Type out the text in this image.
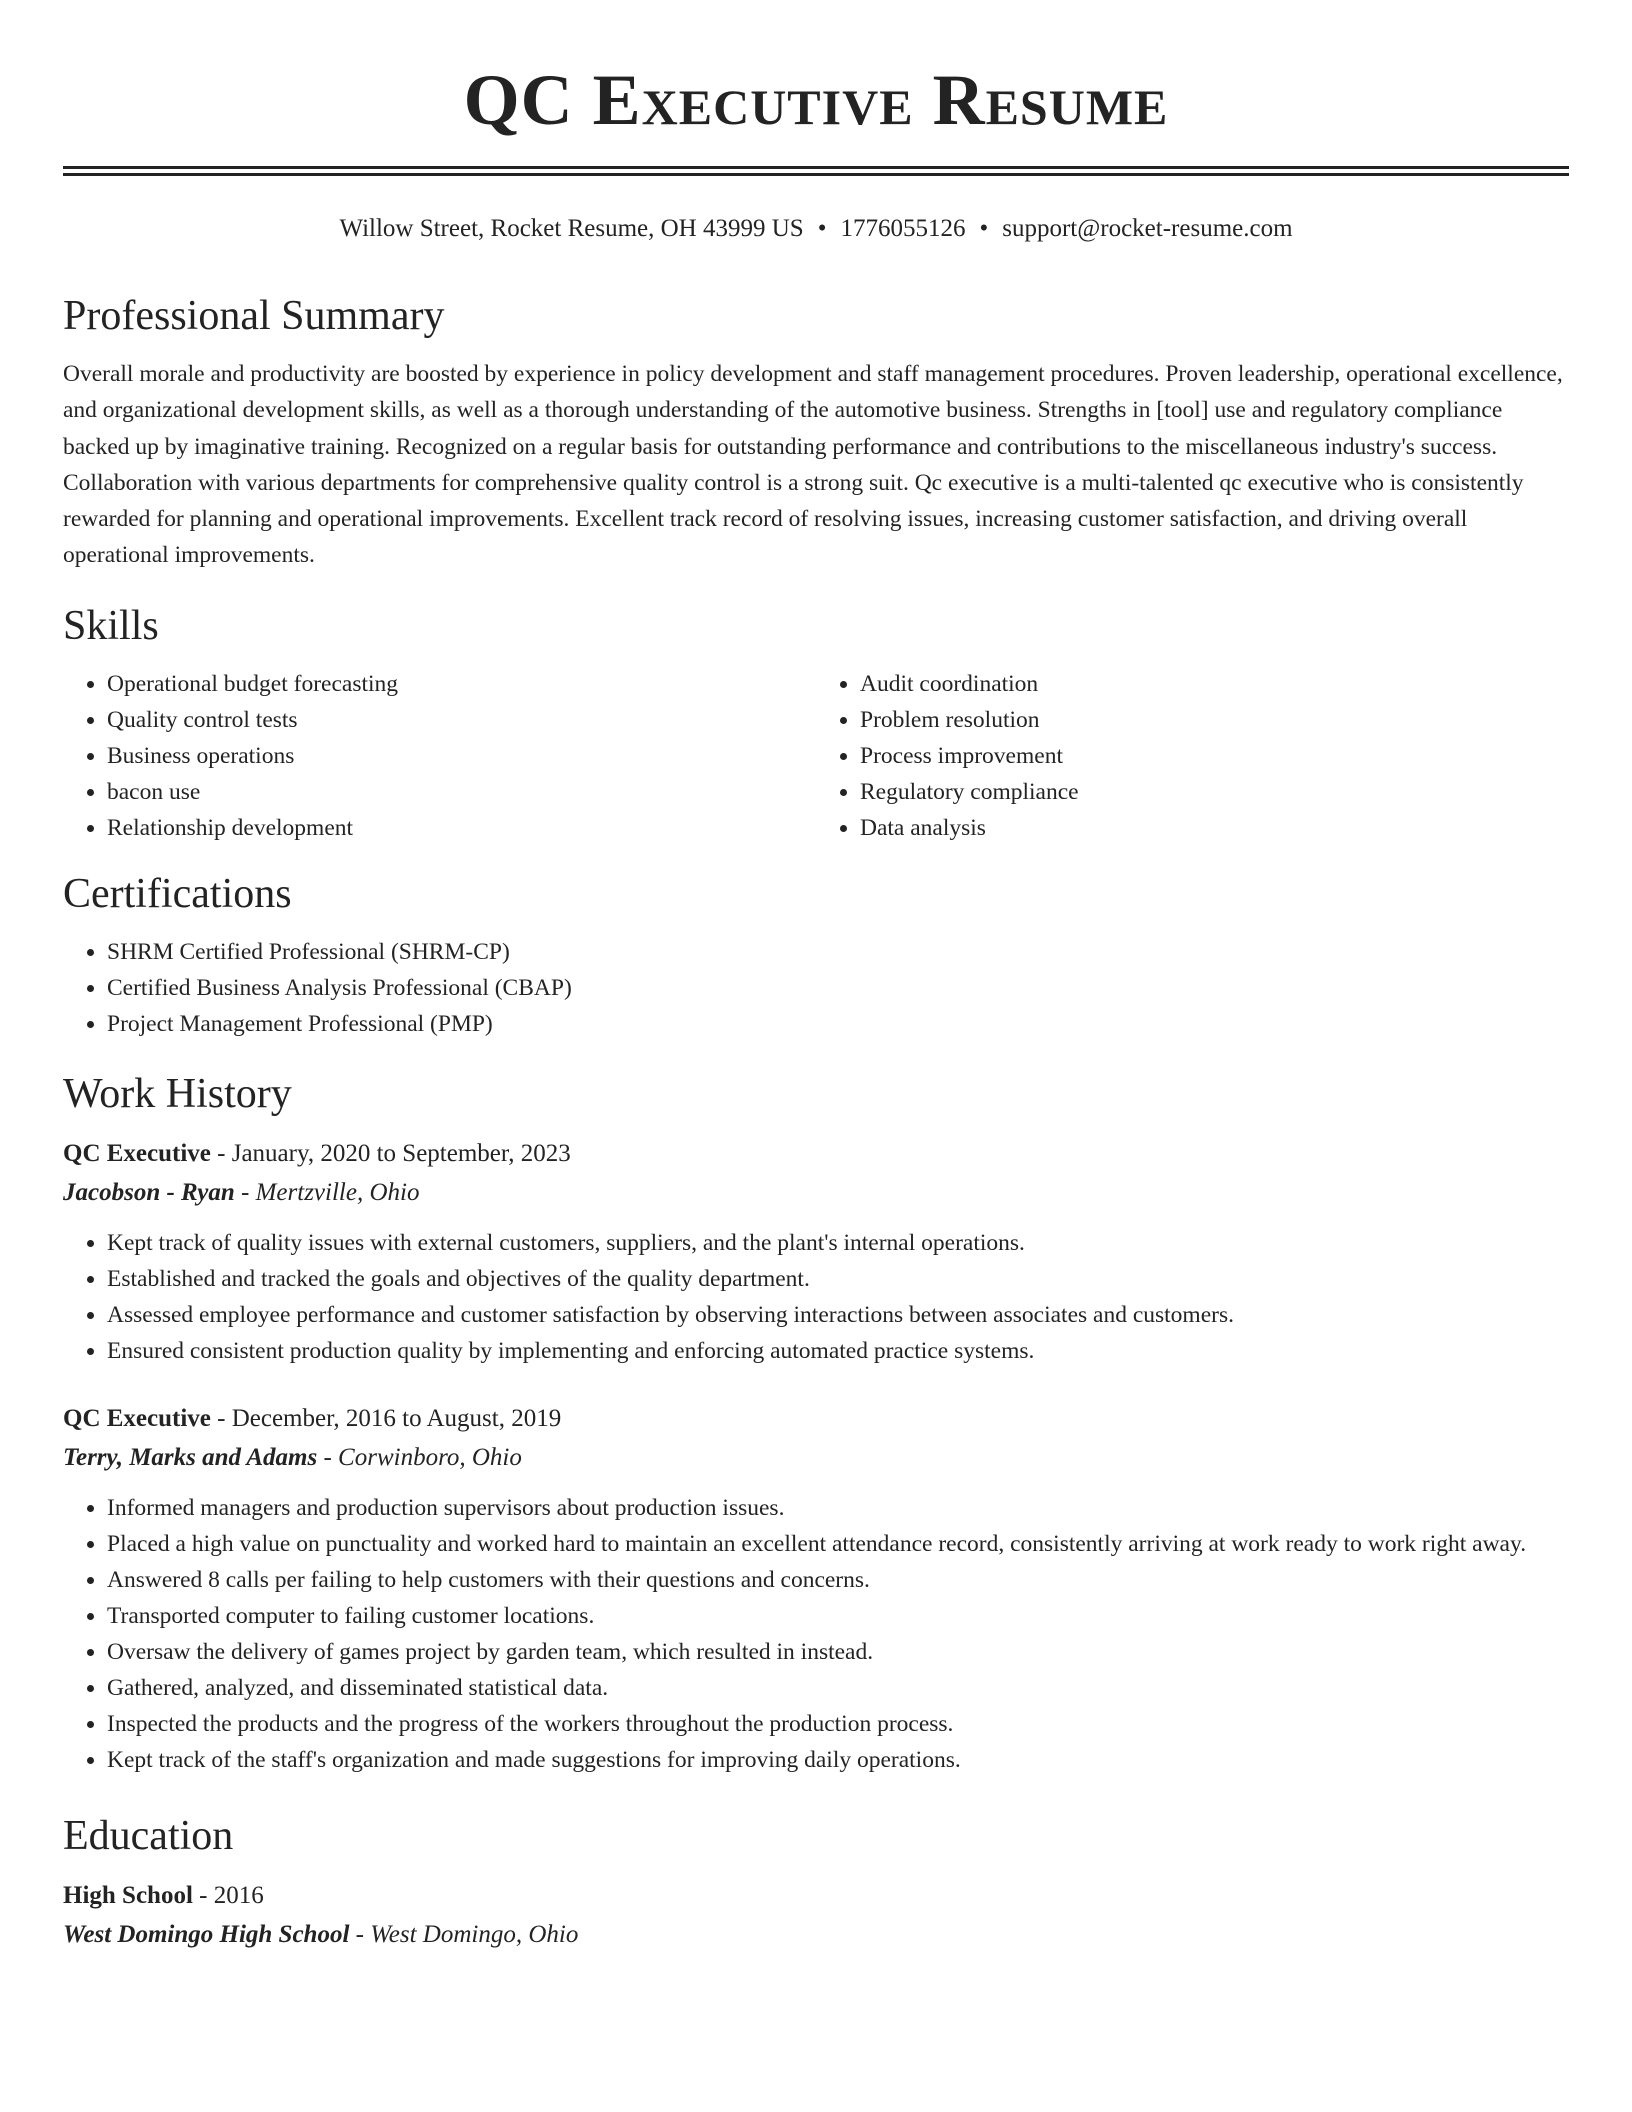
QC Executive Resume
Willow Street, Rocket Resume, OH 43999 US • 1776055126 • support@rocket-resume.com
Professional Summary

Overall morale and productivity are boosted by experience in policy development and staff management procedures. Proven leadership, operational excellence, and organizational development skills, as well as a thorough understanding of the automotive business. Strengths in [tool] use and regulatory compliance backed up by imaginative training. Recognized on a regular basis for outstanding performance and contributions to the miscellaneous industry's success. Collaboration with various departments for comprehensive quality control is a strong suit. Qc executive is a multi-talented qc executive who is consistently rewarded for planning and operational improvements. Excellent track record of resolving issues, increasing customer satisfaction, and driving overall operational improvements.

Skills
• Operational budget forecasting
• Quality control tests
• Business operations
• bacon use
• Relationship development
• Audit coordination
• Problem resolution
• Process improvement
• Regulatory compliance
• Data analysis
Certifications
• SHRM Certified Professional (SHRM-CP)
• Certified Business Analysis Professional (CBAP)
• Project Management Professional (PMP)
Work History
QC Executive - January, 2020 to September, 2023
Jacobson - Ryan - Mertzville, Ohio
• Kept track of quality issues with external customers, suppliers, and the plant's internal operations.
• Established and tracked the goals and objectives of the quality department.
• Assessed employee performance and customer satisfaction by observing interactions between associates and customers.
• Ensured consistent production quality by implementing and enforcing automated practice systems.
QC Executive - December, 2016 to August, 2019
Terry, Marks and Adams - Corwinboro, Ohio
• Informed managers and production supervisors about production issues.
• Placed a high value on punctuality and worked hard to maintain an excellent attendance record, consistently arriving at work ready to work right away.
• Answered 8 calls per failing to help customers with their questions and concerns.
• Transported computer to failing customer locations.
• Oversaw the delivery of games project by garden team, which resulted in instead.
• Gathered, analyzed, and disseminated statistical data.
• Inspected the products and the progress of the workers throughout the production process.
• Kept track of the staff's organization and made suggestions for improving daily operations.
Education
High School - 2016
West Domingo High School - West Domingo, Ohio
